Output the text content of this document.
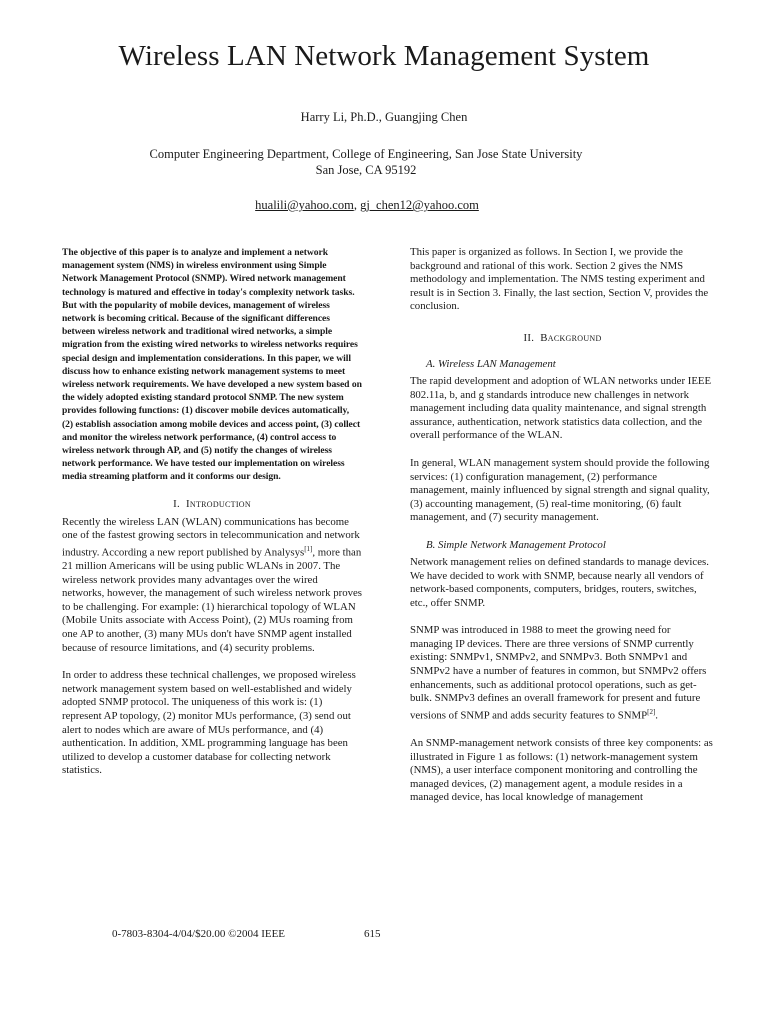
Wireless LAN Network Management System
Harry Li, Ph.D., Guangjing Chen
Computer Engineering Department, College of Engineering, San Jose State University
San Jose, CA 95192
hualili@yahoo.com, gj_chen12@yahoo.com

The objective of this paper is to analyze and implement a network management system (NMS) in wireless environment using Simple Network Management Protocol (SNMP). Wired network management technology is matured and effective in today's complexity network tasks. But with the popularity of mobile devices, management of wireless network is becoming critical. Because of the significant differences between wireless network and traditional wired networks, a simple migration from the existing wired networks to wireless networks requires special design and implementation considerations. In this paper, we will discuss how to enhance existing network management systems to meet wireless network requirements. We have developed a new system based on the widely adopted existing standard protocol SNMP. The new system provides following functions: (1) discover mobile devices automatically, (2) establish association among mobile devices and access point, (3) collect and monitor the wireless network performance, (4) control access to wireless network through AP, and (5) notify the changes of wireless network performance. We have tested our implementation on wireless media streaming platform and it conforms our design.

I. Introduction

Recently the wireless LAN (WLAN) communications has become one of the fastest growing sectors in telecommunication and network industry. According a new report published by Analysys[1], more than 21 million Americans will be using public WLANs in 2007. The wireless network provides many advantages over the wired networks, however, the management of such wireless network proves to be challenging. For example: (1) hierarchical topology of WLAN (Mobile Units associate with Access Point), (2) MUs roaming from one AP to another, (3) many MUs don't have SNMP agent installed because of resource limitations, and (4) security problems.

In order to address these technical challenges, we proposed wireless network management system based on well-established and widely adopted SNMP protocol. The uniqueness of this work is: (1) represent AP topology, (2) monitor MUs performance, (3) send out alert to nodes which are aware of MUs performance, and (4) authentication. In addition, XML programming language has been utilized to develop a customer database for collecting network statistics.

This paper is organized as follows. In Section I, we provide the background and rational of this work. Section 2 gives the NMS methodology and implementation. The NMS testing experiment and result is in Section 3. Finally, the last section, Section V, provides the conclusion.

II. Background
A. Wireless LAN Management

The rapid development and adoption of WLAN networks under IEEE 802.11a, b, and g standards introduce new challenges in network management including data quality maintenance, and signal strength assurance, authentication, network statistics data collection, and the overall performance of the WLAN.

In general, WLAN management system should provide the following services: (1) configuration management, (2) performance management, mainly influenced by signal strength and signal quality, (3) accounting management, (5) real-time monitoring, (6) fault management, and (7) security management.

B. Simple Network Management Protocol

Network management relies on defined standards to manage devices. We have decided to work with SNMP, because nearly all vendors of network-based components, computers, bridges, routers, switches, etc., offer SNMP.

SNMP was introduced in 1988 to meet the growing need for managing IP devices. There are three versions of SNMP currently existing: SNMPv1, SNMPv2, and SNMPv3. Both SNMPv1 and SNMPv2 have a number of features in common, but SNMPv2 offers enhancements, such as additional protocol operations, such as get-bulk. SNMPv3 defines an overall framework for present and future versions of SNMP and adds security features to SNMP[2].

An SNMP-management network consists of three key components: as illustrated in Figure 1 as follows: (1) network-management system (NMS), a user interface component monitoring and controlling the managed devices, (2) management agent, a module resides in a managed device, has local knowledge of management

0-7803-8304-4/04/$20.00 ©2004 IEEE	615
